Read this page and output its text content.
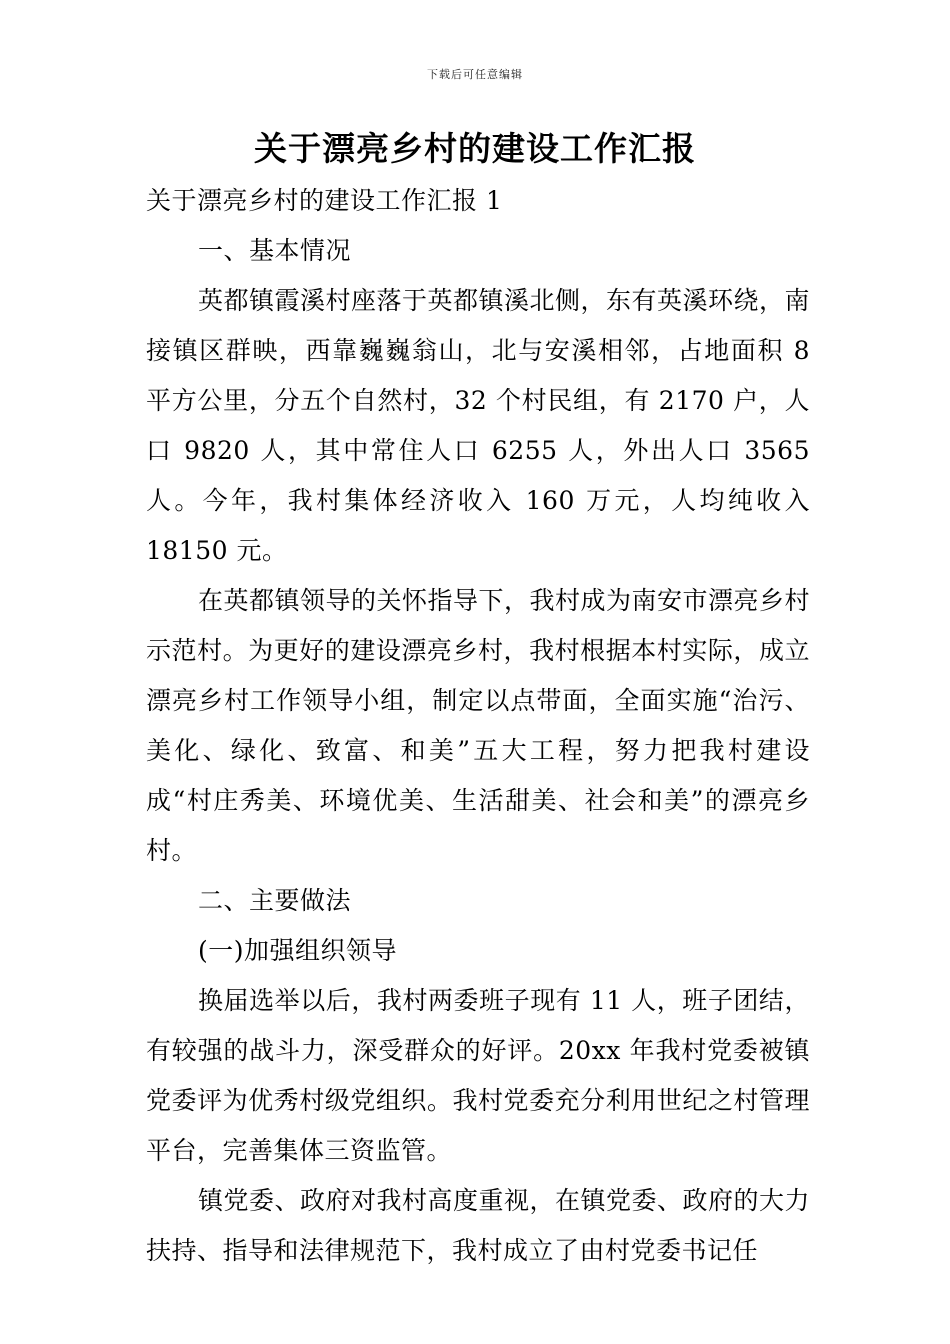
下载后可任意编辑
关于漂亮乡村的建设工作汇报

关于漂亮乡村的建设工作汇报 1

一、基本情况

英都镇霞溪村座落于英都镇溪北侧，东有英溪环绕，南接镇区群映，西靠巍巍翁山，北与安溪相邻，占地面积 8 平方公里，分五个自然村，32 个村民组，有 2170 户，人口 9820 人，其中常住人口 6255 人，外出人口 3565 人。今年，我村集体经济收入 160 万元，人均纯收入 18150 元。

在英都镇领导的关怀指导下，我村成为南安市漂亮乡村示范村。为更好的建设漂亮乡村，我村根据本村实际，成立漂亮乡村工作领导小组，制定以点带面，全面实施“治污、美化、绿化、致富、和美”五大工程，努力把我村建设成“村庄秀美、环境优美、生活甜美、社会和美”的漂亮乡村。

二、主要做法

(一)加强组织领导

换届选举以后，我村两委班子现有 11 人，班子团结，有较强的战斗力，深受群众的好评。20xx 年我村党委被镇党委评为优秀村级党组织。我村党委充分利用世纪之村管理平台，完善集体三资监管。

镇党委、政府对我村高度重视，在镇党委、政府的大力扶持、指导和法律规范下，我村成立了由村党委书记任
